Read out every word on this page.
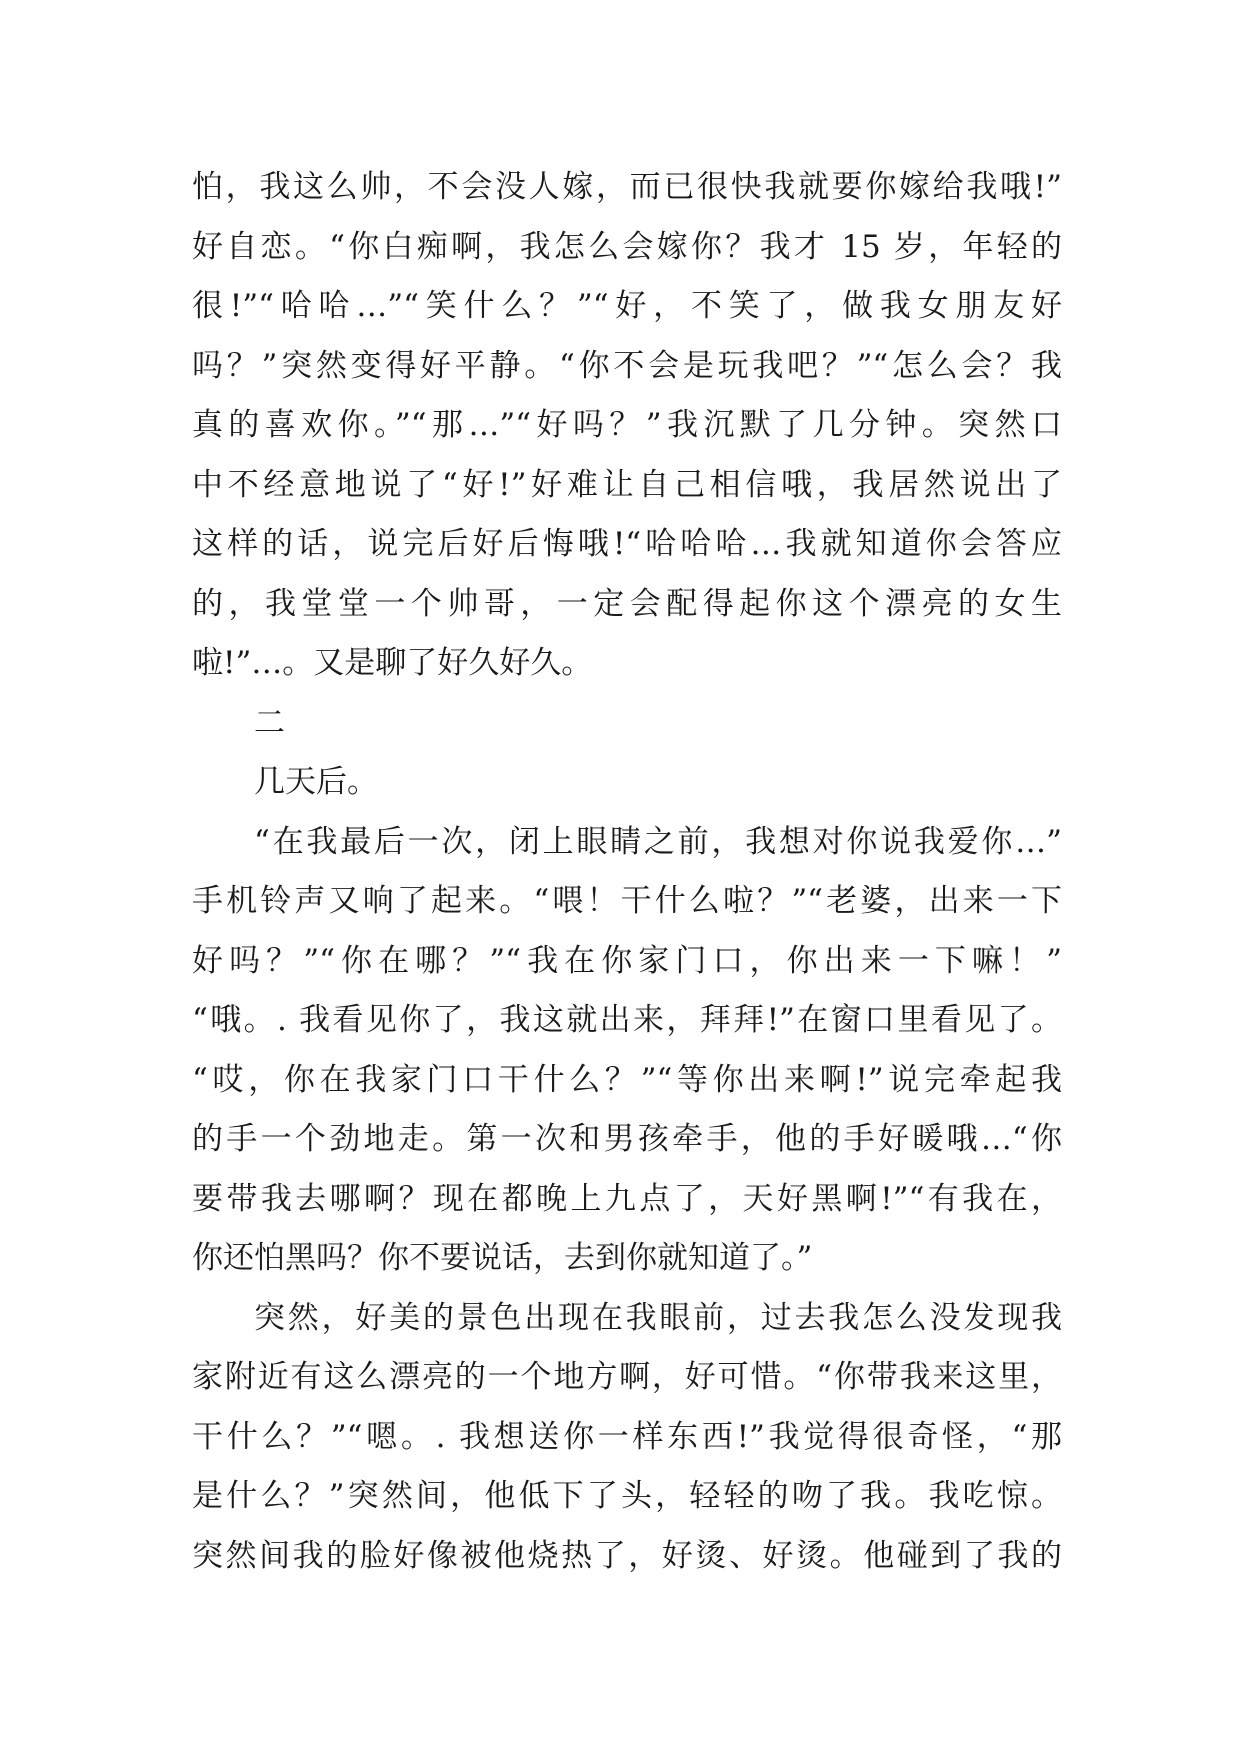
怕，我这么帅，不会没人嫁，而已很快我就要你嫁给我哦!”
好自恋。“你白痴啊，我怎么会嫁你？我才 15 岁，年轻的
很!”“哈哈…”“笑什么？”“好，不笑了，做我女朋友好
吗？”突然变得好平静。“你不会是玩我吧？”“怎么会？我
真的喜欢你。”“那…”“好吗？”我沉默了几分钟。突然口
中不经意地说了“好!”好难让自己相信哦，我居然说出了
这样的话，说完后好后悔哦!“哈哈哈…我就知道你会答应
的，我堂堂一个帅哥，一定会配得起你这个漂亮的女生
啦!”…。又是聊了好久好久。
二
几天后。
“在我最后一次，闭上眼睛之前，我想对你说我爱你…”
手机铃声又响了起来。“喂！干什么啦？”“老婆，出来一下
好吗？”“你在哪？”“我在你家门口，你出来一下嘛！”
“哦。. 我看见你了，我这就出来，拜拜!”在窗口里看见了。
“哎，你在我家门口干什么？”“等你出来啊!”说完牵起我
的手一个劲地走。第一次和男孩牵手，他的手好暖哦…“你
要带我去哪啊？现在都晚上九点了，天好黑啊!”“有我在，
你还怕黑吗？你不要说话，去到你就知道了。”
突然，好美的景色出现在我眼前，过去我怎么没发现我
家附近有这么漂亮的一个地方啊，好可惜。“你带我来这里，
干什么？”“嗯。. 我想送你一样东西!”我觉得很奇怪，“那
是什么？”突然间，他低下了头，轻轻的吻了我。我吃惊。
突然间我的脸好像被他烧热了，好烫、好烫。他碰到了我的
